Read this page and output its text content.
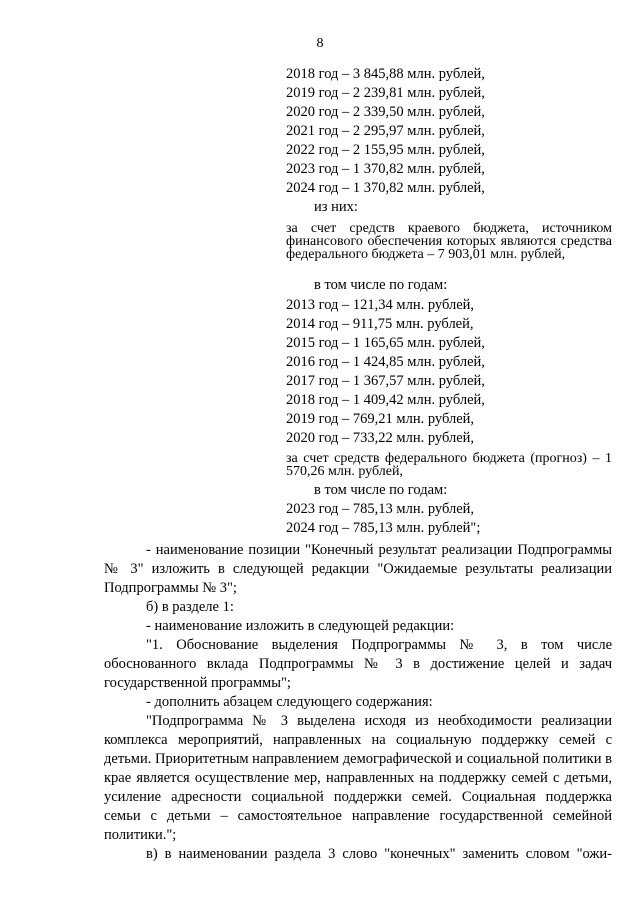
8
2018 год – 3 845,88 млн. рублей,
2019 год – 2 239,81 млн. рублей,
2020 год – 2 339,50 млн. рублей,
2021 год – 2 295,97 млн. рублей,
2022 год – 2 155,95 млн. рублей,
2023 год – 1 370,82 млн. рублей,
2024 год – 1 370,82 млн. рублей,
из них:
за счет средств краевого бюджета, источником финансового обеспечения которых являются средства федерального бюджета – 7 903,01 млн. рублей,
в том числе по годам:
2013 год – 121,34 млн. рублей,
2014 год – 911,75 млн. рублей,
2015 год – 1 165,65 млн. рублей,
2016 год – 1 424,85 млн. рублей,
2017 год – 1 367,57 млн. рублей,
2018 год – 1 409,42 млн. рублей,
2019 год – 769,21 млн. рублей,
2020 год – 733,22 млн. рублей,
за счет средств федерального бюджета (прогноз) – 1 570,26 млн. рублей,
в том числе по годам:
2023 год – 785,13 млн. рублей,
2024 год – 785,13 млн. рублей";

- наименование позиции "Конечный результат реализации Подпрограммы № 3" изложить в следующей редакции "Ожидаемые результаты реализации Подпрограммы № 3";

б) в разделе 1:

- наименование изложить в следующей редакции:

"1. Обоснование выделения Подпрограммы № 3, в том числе обоснованного вклада Подпрограммы № 3 в достижение целей и задач государственной программы";

- дополнить абзацем следующего содержания:

"Подпрограмма № 3 выделена исходя из необходимости реализации комплекса мероприятий, направленных на социальную поддержку семей с детьми. Приоритетным направлением демографической и социальной политики в крае является осуществление мер, направленных на поддержку семей с детьми, усиление адресности социальной поддержки семей. Социальная поддержка семьи с детьми – самостоятельное направление государственной семейной политики.";

в) в наименовании раздела 3 слово "конечных" заменить словом "ожи-
